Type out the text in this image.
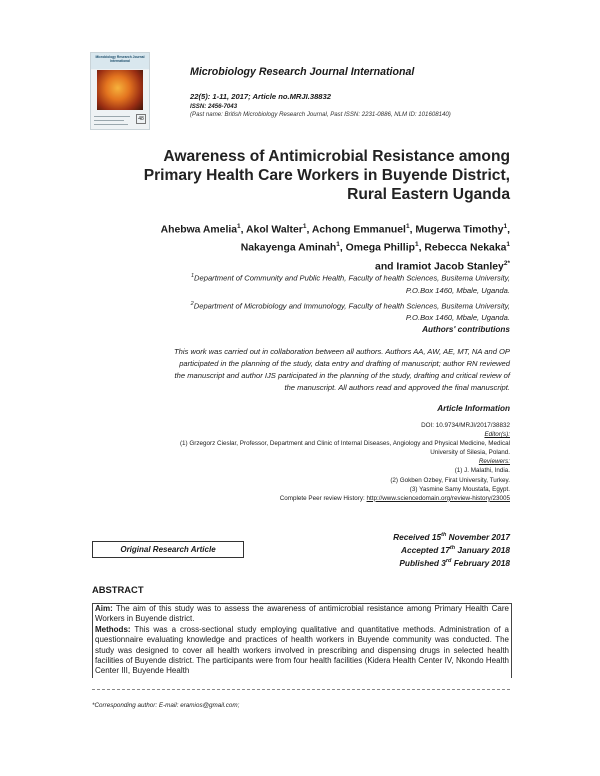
Microbiology Research Journal International
48
Microbiology Research Journal International
22(5): 1-11, 2017; Article no.MRJI.38832
ISSN: 2456-7043
(Past name: British Microbiology Research Journal, Past ISSN: 2231-0886, NLM ID: 101608140)
Awareness of Antimicrobial Resistance among
Primary Health Care Workers in Buyende District,
Rural Eastern Uganda
Ahebwa Amelia$^1$, Akol Walter$^1$, Achong Emmanuel$^1$, Mugerwa Timothy$^1$,
Nakayenga Aminah$^1$, Omega Phillip$^1$, Rebecca Nekaka$^1$
and Iramiot Jacob Stanley$^{2*}$
$^1$Department of Community and Public Health, Faculty of health Sciences, Busitema University,
P.O.Box 1460, Mbale, Uganda.
$^2$Department of Microbiology and Immunology, Faculty of health Sciences, Busitema University,
P.O.Box 1460, Mbale, Uganda.
Authors' contributions
This work was carried out in collaboration between all authors. Authors AA, AW, AE, MT, NA and OP
participated in the planning of the study, data entry and drafting of manuscript; author RN reviewed
the manuscript and author IJS participated in the planning of the study, drafting and critical review of
the manuscript. All authors read and approved the final manuscript.
Article Information
DOI: 10.9734/MRJI/2017/38832
Editor(s):
(1) Grzegorz Cieslar, Professor, Department and Clinic of Internal Diseases, Angiology and Physical Medicine, Medical
University of Silesia, Poland.
Reviewers:
(1) J. Malathi, India.
(2) Gokben Ozbey, Firat University, Turkey.
(3) Yasmine Samy Moustafa, Egypt.
Complete Peer review History: http://www.sciencedomain.org/review-history/23005
Received 15th November 2017
Accepted 17th January 2018
Published 3rd February 2018
Original Research Article
ABSTRACT

Aim: The aim of this study was to assess the awareness of antimicrobial resistance among Primary Health Care Workers in Buyende district.

Methods: This was a cross-sectional study employing qualitative and quantitative methods. Administration of a questionnaire evaluating knowledge and practices of health workers in Buyende community was conducted. The study was designed to cover all health workers involved in prescribing and dispensing drugs in selected health facilities of Buyende district. The participants were from four health facilities (Kidera Health Center IV, Nkondo Health Center III, Buyende Health

*Corresponding author: E-mail: eramios@gmail.com;
